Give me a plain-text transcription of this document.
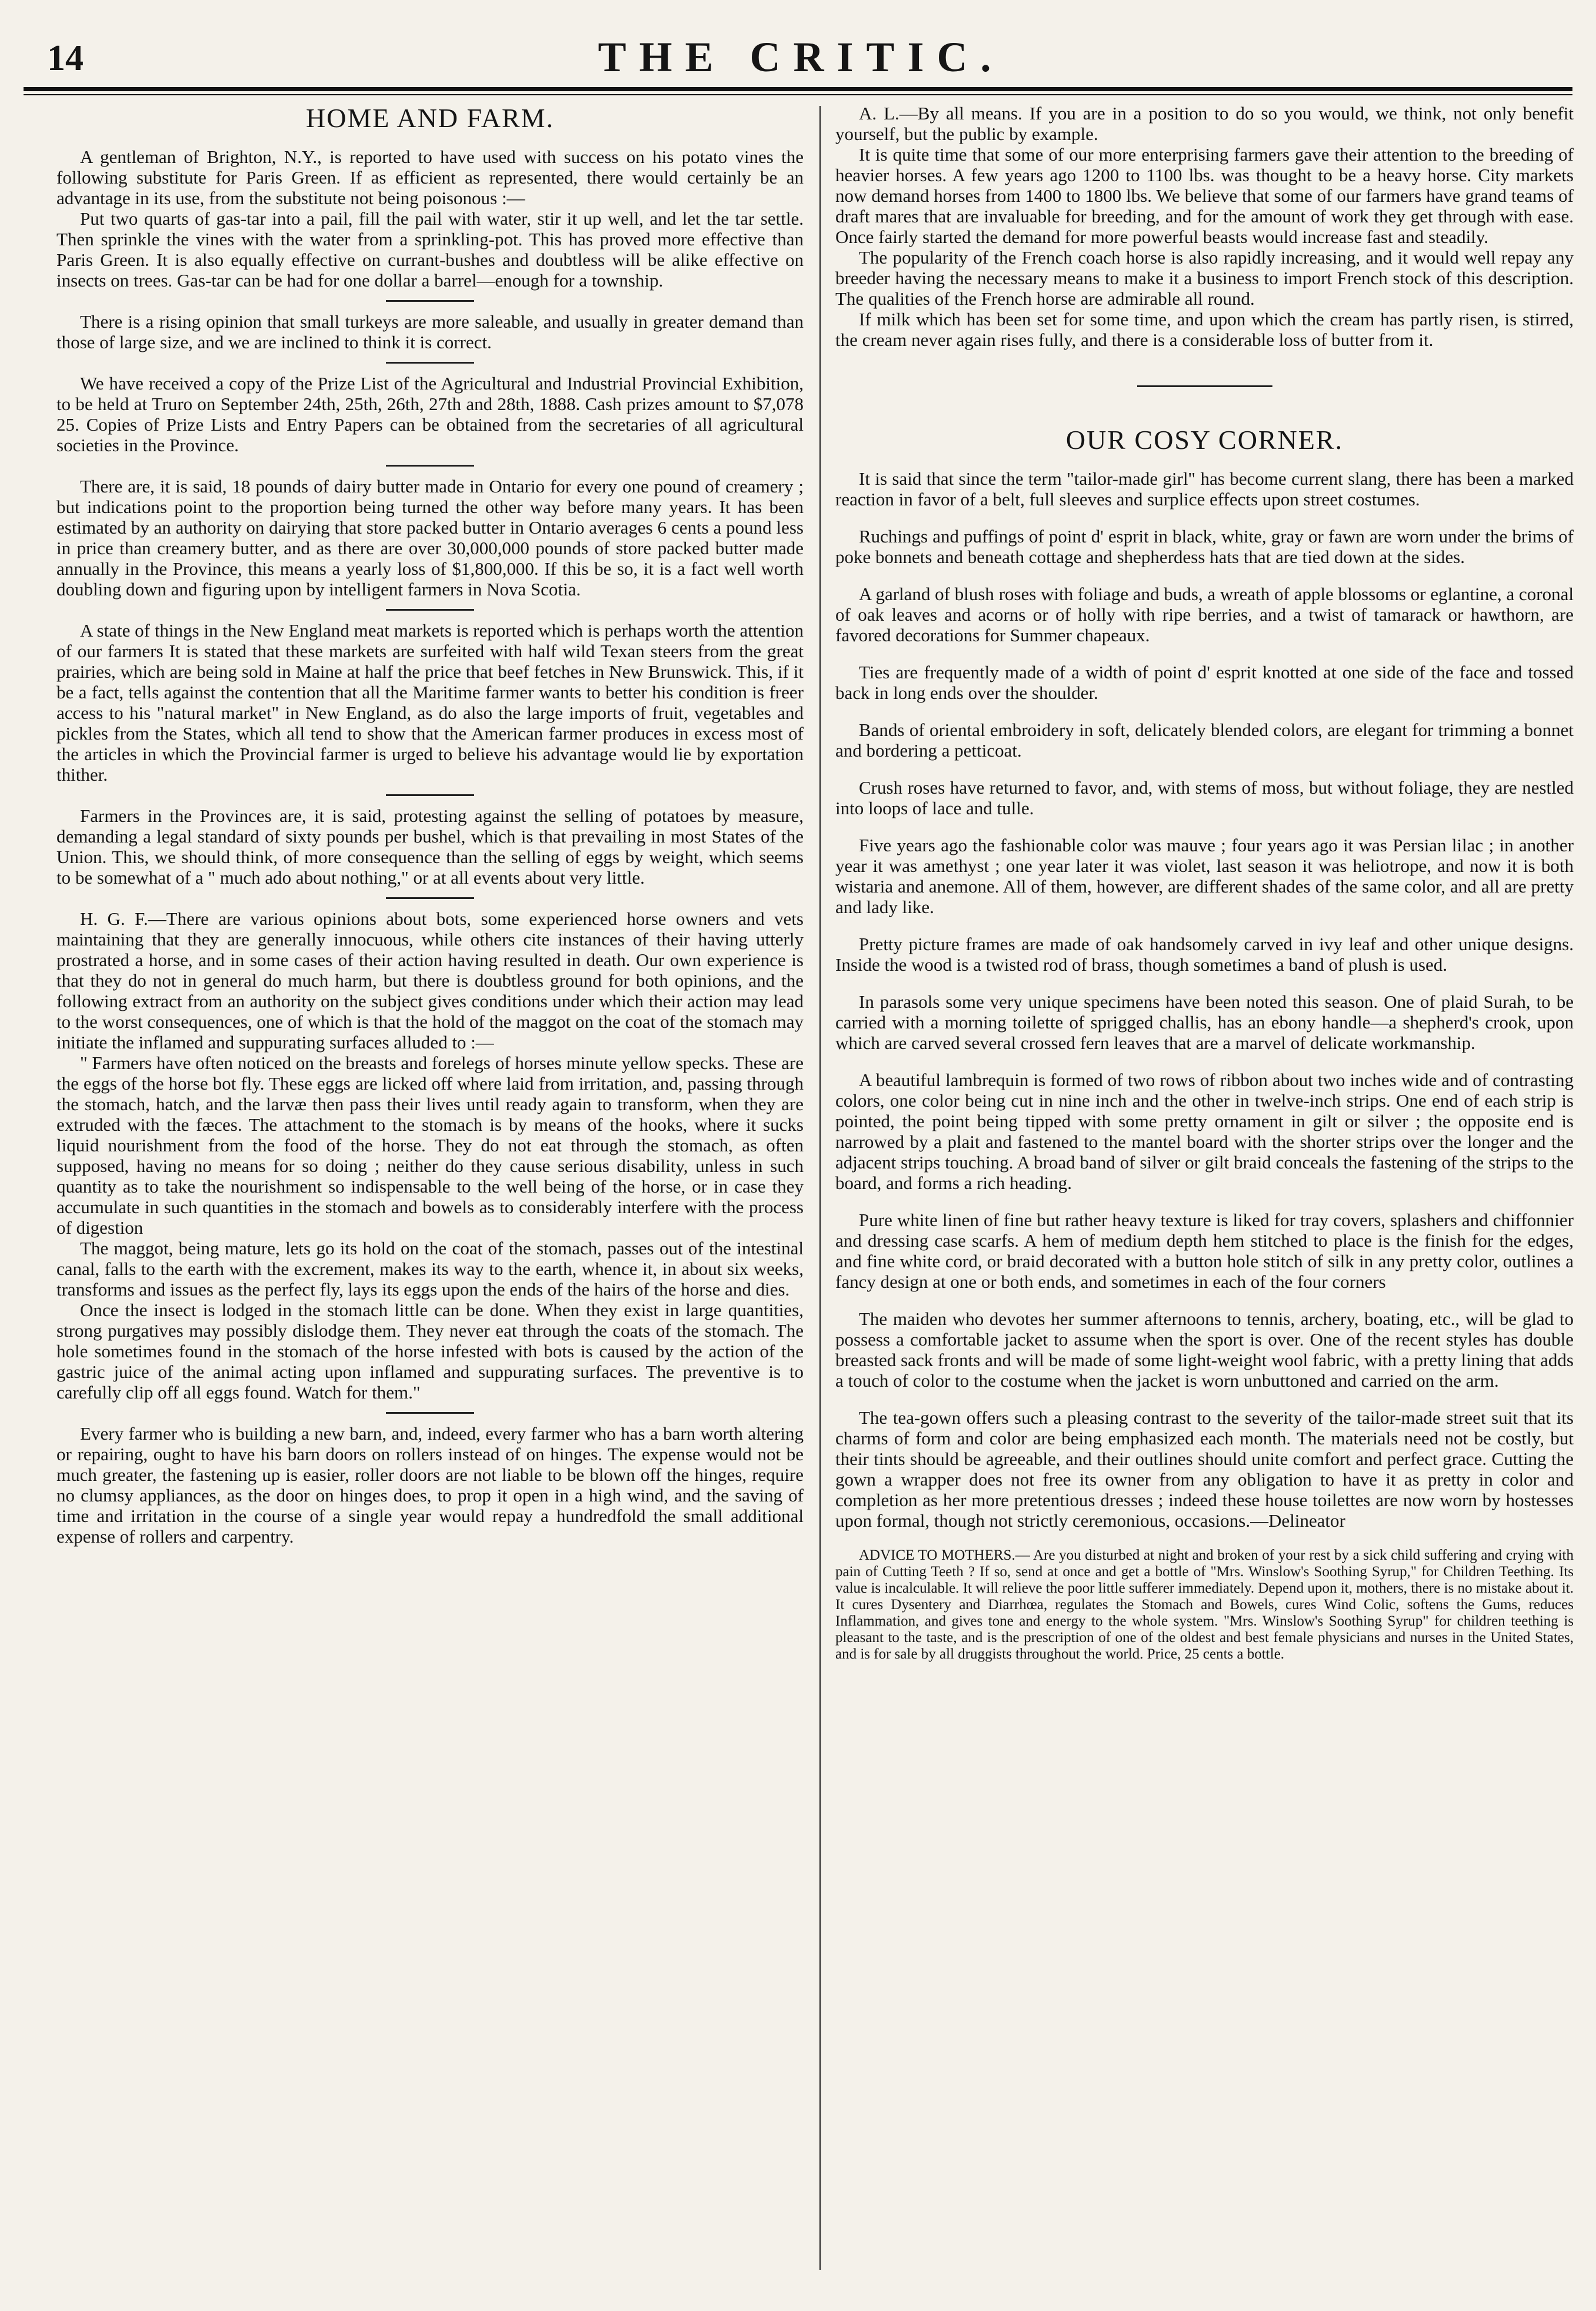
14	THE CRITIC.
HOME AND FARM.

A gentleman of Brighton, N.Y., is reported to have used with success on his potato vines the following substitute for Paris Green. If as efficient as represented, there would certainly be an advantage in its use, from the substitute not being poisonous :—

Put two quarts of gas-tar into a pail, fill the pail with water, stir it up well, and let the tar settle. Then sprinkle the vines with the water from a sprinkling-pot. This has proved more effective than Paris Green. It is also equally effective on currant-bushes and doubtless will be alike effective on insects on trees. Gas-tar can be had for one dollar a barrel—enough for a township.

There is a rising opinion that small turkeys are more saleable, and usually in greater demand than those of large size, and we are inclined to think it is correct.

We have received a copy of the Prize List of the Agricultural and Industrial Provincial Exhibition, to be held at Truro on September 24th, 25th, 26th, 27th and 28th, 1888. Cash prizes amount to $7,078 25. Copies of Prize Lists and Entry Papers can be obtained from the secretaries of all agricultural societies in the Province.

There are, it is said, 18 pounds of dairy butter made in Ontario for every one pound of creamery ; but indications point to the proportion being turned the other way before many years. It has been estimated by an authority on dairying that store packed butter in Ontario averages 6 cents a pound less in price than creamery butter, and as there are over 30,000,000 pounds of store packed butter made annually in the Province, this means a yearly loss of $1,800,000. If this be so, it is a fact well worth doubling down and figuring upon by intelligent farmers in Nova Scotia.

A state of things in the New England meat markets is reported which is perhaps worth the attention of our farmers It is stated that these markets are surfeited with half wild Texan steers from the great prairies, which are being sold in Maine at half the price that beef fetches in New Brunswick. This, if it be a fact, tells against the contention that all the Maritime farmer wants to better his condition is freer access to his "natural market" in New England, as do also the large imports of fruit, vegetables and pickles from the States, which all tend to show that the American farmer produces in excess most of the articles in which the Provincial farmer is urged to believe his advantage would lie by exportation thither.

Farmers in the Provinces are, it is said, protesting against the selling of potatoes by measure, demanding a legal standard of sixty pounds per bushel, which is that prevailing in most States of the Union. This, we should think, of more consequence than the selling of eggs by weight, which seems to be somewhat of a " much ado about nothing," or at all events about very little.

H. G. F.—There are various opinions about bots, some experienced horse owners and vets maintaining that they are generally innocuous, while others cite instances of their having utterly prostrated a horse, and in some cases of their action having resulted in death. Our own experience is that they do not in general do much harm, but there is doubtless ground for both opinions, and the following extract from an authority on the subject gives conditions under which their action may lead to the worst consequences, one of which is that the hold of the maggot on the coat of the stomach may initiate the inflamed and suppurating surfaces alluded to :—

" Farmers have often noticed on the breasts and forelegs of horses minute yellow specks. These are the eggs of the horse bot fly. These eggs are licked off where laid from irritation, and, passing through the stomach, hatch, and the larvæ then pass their lives until ready again to transform, when they are extruded with the fæces. The attachment to the stomach is by means of the hooks, where it sucks liquid nourishment from the food of the horse. They do not eat through the stomach, as often supposed, having no means for so doing ; neither do they cause serious disability, unless in such quantity as to take the nourishment so indispensable to the well being of the horse, or in case they accumulate in such quantities in the stomach and bowels as to considerably interfere with the process of digestion

The maggot, being mature, lets go its hold on the coat of the stomach, passes out of the intestinal canal, falls to the earth with the excrement, makes its way to the earth, whence it, in about six weeks, transforms and issues as the perfect fly, lays its eggs upon the ends of the hairs of the horse and dies.

Once the insect is lodged in the stomach little can be done. When they exist in large quantities, strong purgatives may possibly dislodge them. They never eat through the coats of the stomach. The hole sometimes found in the stomach of the horse infested with bots is caused by the action of the gastric juice of the animal acting upon inflamed and suppurating surfaces. The preventive is to carefully clip off all eggs found. Watch for them."

Every farmer who is building a new barn, and, indeed, every farmer who has a barn worth altering or repairing, ought to have his barn doors on rollers instead of on hinges. The expense would not be much greater, the fastening up is easier, roller doors are not liable to be blown off the hinges, require no clumsy appliances, as the door on hinges does, to prop it open in a high wind, and the saving of time and irritation in the course of a single year would repay a hundredfold the small additional expense of rollers and carpentry.

A. L.—By all means. If you are in a position to do so you would, we think, not only benefit yourself, but the public by example.

It is quite time that some of our more enterprising farmers gave their attention to the breeding of heavier horses. A few years ago 1200 to 1100 lbs. was thought to be a heavy horse. City markets now demand horses from 1400 to 1800 lbs. We believe that some of our farmers have grand teams of draft mares that are invaluable for breeding, and for the amount of work they get through with ease. Once fairly started the demand for more powerful beasts would increase fast and steadily.

The popularity of the French coach horse is also rapidly increasing, and it would well repay any breeder having the necessary means to make it a business to import French stock of this description. The qualities of the French horse are admirable all round.

If milk which has been set for some time, and upon which the cream has partly risen, is stirred, the cream never again rises fully, and there is a considerable loss of butter from it.

OUR COSY CORNER.

It is said that since the term "tailor-made girl" has become current slang, there has been a marked reaction in favor of a belt, full sleeves and surplice effects upon street costumes.

Ruchings and puffings of point d' esprit in black, white, gray or fawn are worn under the brims of poke bonnets and beneath cottage and shepherdess hats that are tied down at the sides.

A garland of blush roses with foliage and buds, a wreath of apple blossoms or eglantine, a coronal of oak leaves and acorns or of holly with ripe berries, and a twist of tamarack or hawthorn, are favored decorations for Summer chapeaux.

Ties are frequently made of a width of point d' esprit knotted at one side of the face and tossed back in long ends over the shoulder.

Bands of oriental embroidery in soft, delicately blended colors, are elegant for trimming a bonnet and bordering a petticoat.

Crush roses have returned to favor, and, with stems of moss, but without foliage, they are nestled into loops of lace and tulle.

Five years ago the fashionable color was mauve ; four years ago it was Persian lilac ; in another year it was amethyst ; one year later it was violet, last season it was heliotrope, and now it is both wistaria and anemone. All of them, however, are different shades of the same color, and all are pretty and lady like.

Pretty picture frames are made of oak handsomely carved in ivy leaf and other unique designs. Inside the wood is a twisted rod of brass, though sometimes a band of plush is used.

In parasols some very unique specimens have been noted this season. One of plaid Surah, to be carried with a morning toilette of sprigged challis, has an ebony handle—a shepherd's crook, upon which are carved several crossed fern leaves that are a marvel of delicate workmanship.

A beautiful lambrequin is formed of two rows of ribbon about two inches wide and of contrasting colors, one color being cut in nine inch and the other in twelve-inch strips. One end of each strip is pointed, the point being tipped with some pretty ornament in gilt or silver ; the opposite end is narrowed by a plait and fastened to the mantel board with the shorter strips over the longer and the adjacent strips touching. A broad band of silver or gilt braid conceals the fastening of the strips to the board, and forms a rich heading.

Pure white linen of fine but rather heavy texture is liked for tray covers, splashers and chiffonnier and dressing case scarfs. A hem of medium depth hem stitched to place is the finish for the edges, and fine white cord, or braid decorated with a button hole stitch of silk in any pretty color, outlines a fancy design at one or both ends, and sometimes in each of the four corners

The maiden who devotes her summer afternoons to tennis, archery, boating, etc., will be glad to possess a comfortable jacket to assume when the sport is over. One of the recent styles has double breasted sack fronts and will be made of some light-weight wool fabric, with a pretty lining that adds a touch of color to the costume when the jacket is worn unbuttoned and carried on the arm.

The tea-gown offers such a pleasing contrast to the severity of the tailor-made street suit that its charms of form and color are being emphasized each month. The materials need not be costly, but their tints should be agreeable, and their outlines should unite comfort and perfect grace. Cutting the gown a wrapper does not free its owner from any obligation to have it as pretty in color and completion as her more pretentious dresses ; indeed these house toilettes are now worn by hostesses upon formal, though not strictly ceremonious, occasions.—Delineator

ADVICE TO MOTHERS.— Are you disturbed at night and broken of your rest by a sick child suffering and crying with pain of Cutting Teeth ? If so, send at once and get a bottle of "Mrs. Winslow's Soothing Syrup," for Children Teething. Its value is incalculable. It will relieve the poor little sufferer immediately. Depend upon it, mothers, there is no mistake about it. It cures Dysentery and Diarrhœa, regulates the Stomach and Bowels, cures Wind Colic, softens the Gums, reduces Inflammation, and gives tone and energy to the whole system. "Mrs. Winslow's Soothing Syrup" for children teething is pleasant to the taste, and is the prescription of one of the oldest and best female physicians and nurses in the United States, and is for sale by all druggists throughout the world. Price, 25 cents a bottle.
